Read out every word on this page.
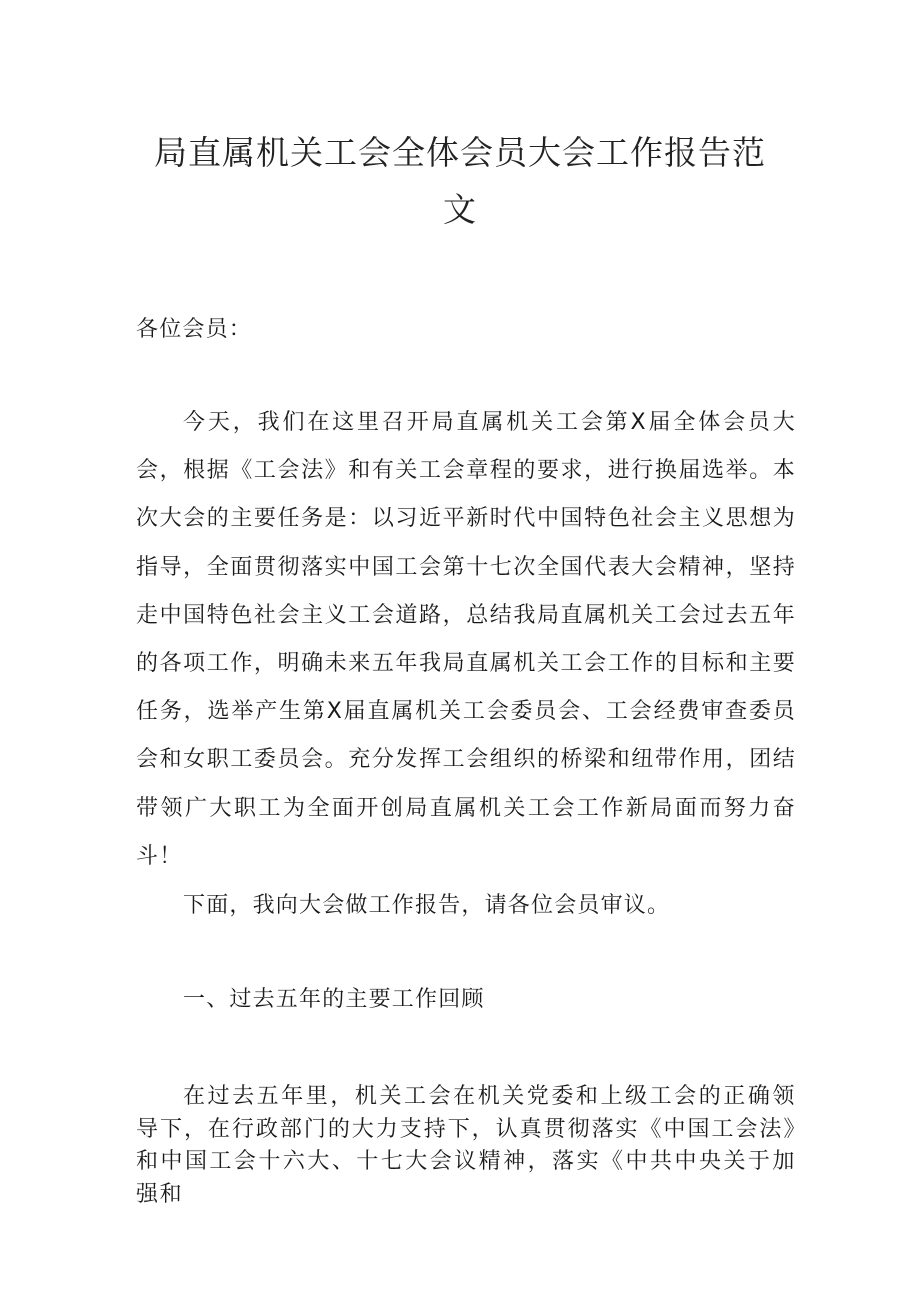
局直属机关工会全体会员大会工作报告范文

各位会员：

今天，我们在这里召开局直属机关工会第X届全体会员大会，根据《工会法》和有关工会章程的要求，进行换届选举。本次大会的主要任务是：以习近平新时代中国特色社会主义思想为指导，全面贯彻落实中国工会第十七次全国代表大会精神，坚持走中国特色社会主义工会道路，总结我局直属机关工会过去五年的各项工作，明确未来五年我局直属机关工会工作的目标和主要任务，选举产生第X届直属机关工会委员会、工会经费审查委员会和女职工委员会。充分发挥工会组织的桥梁和纽带作用，团结带领广大职工为全面开创局直属机关工会工作新局面而努力奋斗！

下面，我向大会做工作报告，请各位会员审议。

一、过去五年的主要工作回顾

在过去五年里，机关工会在机关党委和上级工会的正确领导下，在行政部门的大力支持下，认真贯彻落实《中国工会法》和中国工会十六大、十七大会议精神，落实《中共中央关于加强和
